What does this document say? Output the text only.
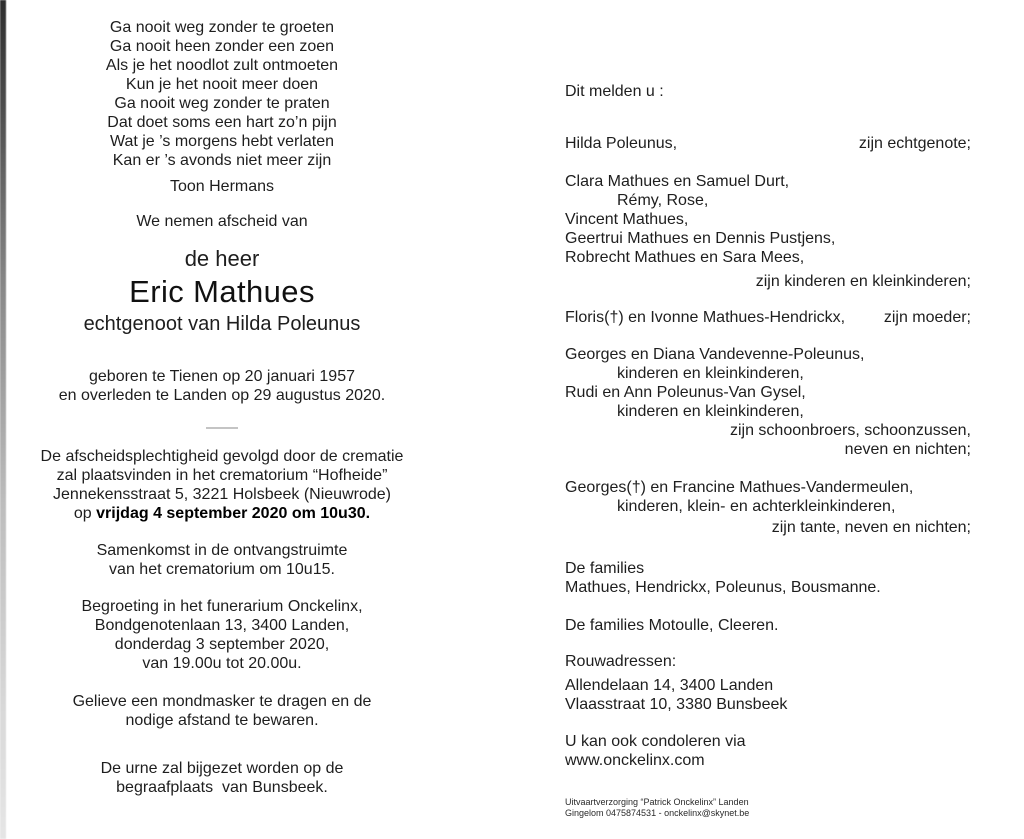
Ga nooit weg zonder te groeten
Ga nooit heen zonder een zoen
Als je het noodlot zult ontmoeten
Kun je het nooit meer doen
Ga nooit weg zonder te praten
Dat doet soms een hart zo’n pijn
Wat je ’s morgens hebt verlaten
Kan er ’s avonds niet meer zijn
Toon Hermans
We nemen afscheid van
de heer
Eric Mathues
echtgenoot van Hilda Poleunus
geboren te Tienen op 20 januari 1957
en overleden te Landen op 29 augustus 2020.
De afscheidsplechtigheid gevolgd door de crematie
zal plaatsvinden in het crematorium “Hofheide”
Jennekensstraat 5, 3221 Holsbeek (Nieuwrode)
op vrijdag 4 september 2020 om 10u30.
Samenkomst in de ontvangstruimte
van het crematorium om 10u15.
Begroeting in het funerarium Onckelinx,
Bondgenotenlaan 13, 3400 Landen,
donderdag 3 september 2020,
van 19.00u tot 20.00u.
Gelieve een mondmasker te dragen en de
nodige afstand te bewaren.
De urne zal bijgezet worden op de
begraafplaats  van Bunsbeek.
Dit melden u :
Hilda Poleunus,	zijn echtgenote;
Clara Mathues en Samuel Durt,
Rémy, Rose,
Vincent Mathues,
Geertrui Mathues en Dennis Pustjens,
Robrecht Mathues en Sara Mees,
zijn kinderen en kleinkinderen;
Floris(†) en Ivonne Mathues-Hendrickx, zijn moeder;
Georges en Diana Vandevenne-Poleunus,
kinderen en kleinkinderen,
Rudi en Ann Poleunus-Van Gysel,
kinderen en kleinkinderen,
zijn schoonbroers, schoonzussen,
neven en nichten;
Georges(†) en Francine Mathues-Vandermeulen,
kinderen, klein- en achterkleinkinderen,
zijn tante, neven en nichten;
De families
Mathues, Hendrickx, Poleunus, Bousmanne.
De families Motoulle, Cleeren.
Rouwadressen:
Allendelaan 14, 3400 Landen
Vlaasstraat 10, 3380 Bunsbeek
U kan ook condoleren via
www.onckelinx.com
Uitvaartverzorging “Patrick Onckelinx” Landen
Gingelom 0475874531 - onckelinx@skynet.be
